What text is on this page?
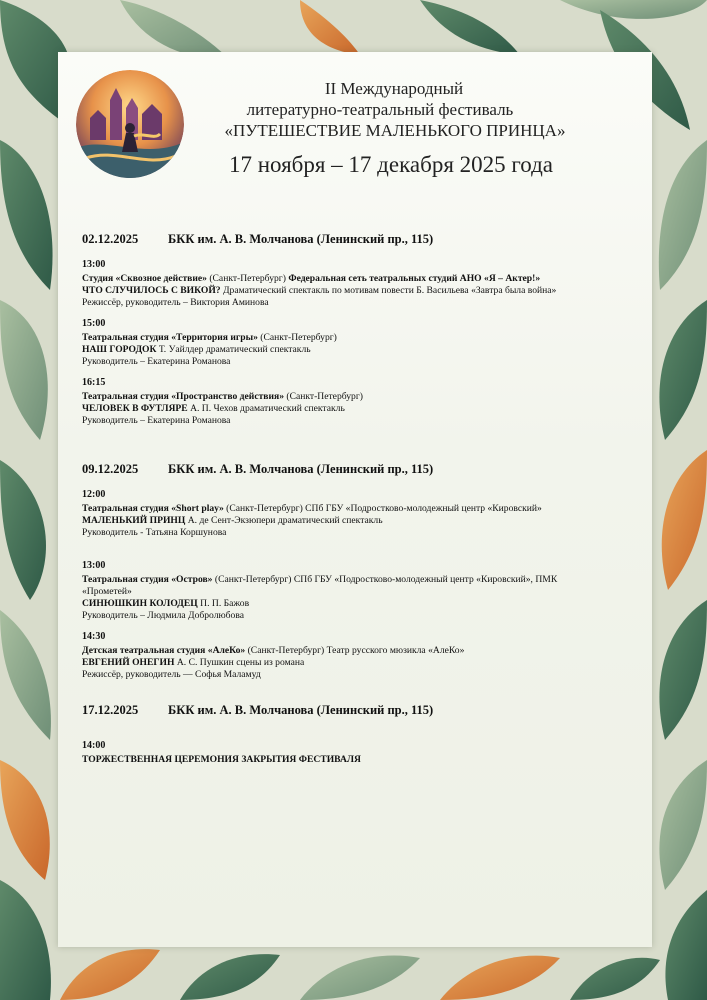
II Международный
литературно-театральный фестиваль
«ПУТЕШЕСТВИЕ МАЛЕНЬКОГО ПРИНЦА»
17 ноября – 17 декабря 2025 года
02.12.2025 БКК им. А. В. Молчанова (Ленинский пр., 115)
13:00
Студия «Сквозное действие» (Санкт-Петербург) Федеральная сеть театральных студий АНО «Я – Актер!»
ЧТО СЛУЧИЛОСЬ С ВИКОЙ? Драматический спектакль по мотивам повести Б. Васильева «Завтра была война»
Режиссёр, руководитель – Виктория Аминова
15:00
Театральная студия «Территория игры» (Санкт-Петербург)
НАШ ГОРОДОК Т. Уайлдер драматический спектакль
Руководитель – Екатерина Романова
16:15
Театральная студия «Пространство действия» (Санкт-Петербург)
ЧЕЛОВЕК В ФУТЛЯРЕ А. П. Чехов драматический спектакль
Руководитель – Екатерина Романова
09.12.2025 БКК им. А. В. Молчанова (Ленинский пр., 115)
12:00
Театральная студия «Short play» (Санкт-Петербург) СПб ГБУ «Подростково-молодежный центр «Кировский»
МАЛЕНЬКИЙ ПРИНЦ А. де Сент-Экзюпери драматический спектакль
Руководитель - Татьяна Коршунова
13:00
Театральная студия «Остров» (Санкт-Петербург) СПб ГБУ «Подростково-молодежный центр «Кировский», ПМК «Прометей»
СИНЮШКИН КОЛОДЕЦ П. П. Бажов
Руководитель – Людмила Добролюбова
14:30
Детская театральная студия «АлеКо» (Санкт-Петербург) Театр русского мюзикла «АлеКо»
ЕВГЕНИЙ ОНЕГИН А. С. Пушкин сцены из романа
Режиссёр, руководитель — Софья Маламуд
17.12.2025 БКК им. А. В. Молчанова (Ленинский пр., 115)
14:00
ТОРЖЕСТВЕННАЯ ЦЕРЕМОНИЯ ЗАКРЫТИЯ ФЕСТИВАЛЯ
